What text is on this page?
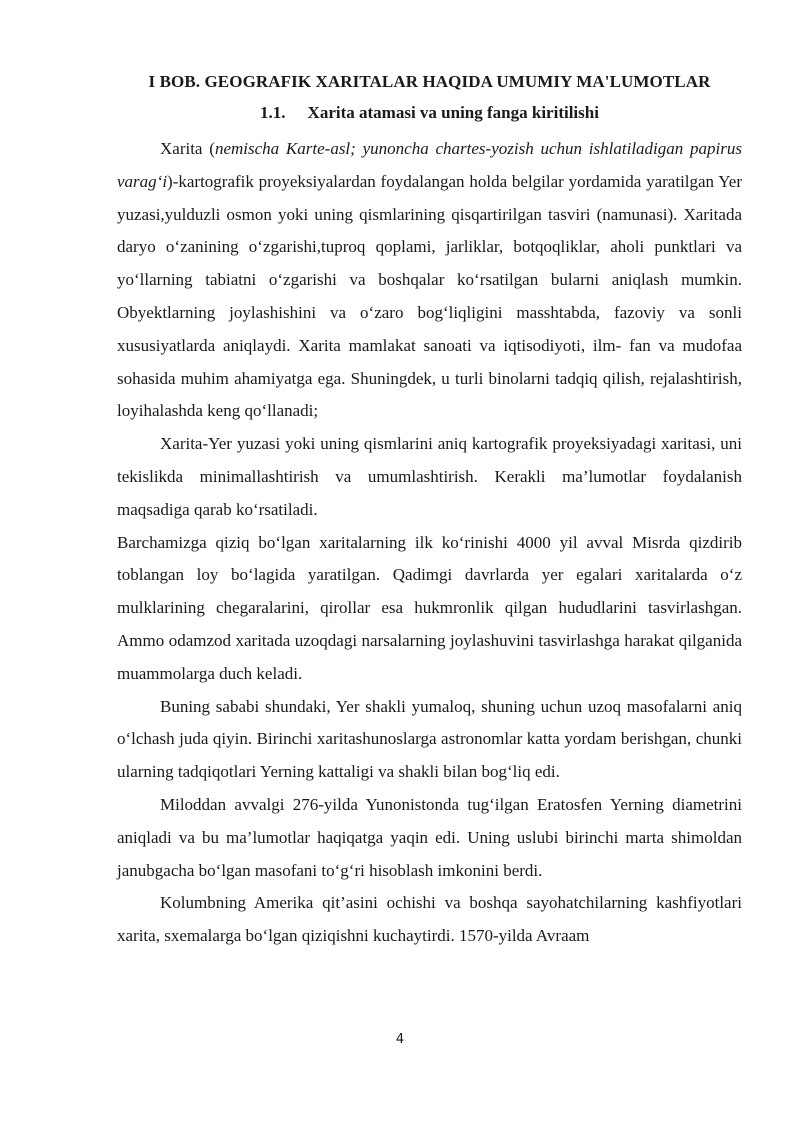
I BOB. GEOGRAFIK XARITALAR HAQIDA UMUMIY MA'LUMOTLAR
1.1. Xarita atamasi va uning fanga kiritilishi

Xarita (nemischa Karte-asl; yunoncha chartes-yozish uchun ishlatiladigan papirus varag‘i)-kartografik proyeksiyalardan foydalangan holda belgilar yordamida yaratilgan Yer yuzasi,yulduzli osmon yoki uning qismlarining qisqartirilgan tasviri (namunasi). Xaritada daryo o‘zanining o‘zgarishi,tuproq qoplami, jarliklar, botqoqliklar, aholi punktlari va yo‘llarning tabiatni o‘zgarishi va boshqalar ko‘rsatilgan bularni aniqlash mumkin. Obyektlarning joylashishini va o‘zaro bog‘liqligini masshtabda, fazoviy va sonli xususiyatlarda aniqlaydi. Xarita mamlakat sanoati va iqtisodiyoti, ilm- fan va mudofaa sohasida muhim ahamiyatga ega. Shuningdek, u turli binolarni tadqiq qilish, rejalashtirish, loyihalashda keng qo‘llanadi;

Xarita-Yer yuzasi yoki uning qismlarini aniq kartografik proyeksiyadagi xaritasi, uni tekislikda minimallashtirish va umumlashtirish. Kerakli ma’lumotlar foydalanish maqsadiga qarab ko‘rsatiladi.

Barchamizga qiziq bo‘lgan xaritalarning ilk ko‘rinishi 4000 yil avval Misrda qizdirib toblangan loy bo‘lagida yaratilgan. Qadimgi davrlarda yer egalari xaritalarda o‘z mulklarining chegaralarini, qirollar esa hukmronlik qilgan hududlarini tasvirlashgan. Ammo odamzod xaritada uzoqdagi narsalarning joylashuvini tasvirlashga harakat qilganida muammolarga duch keladi.

Buning sababi shundaki, Yer shakli yumaloq, shuning uchun uzoq masofalarni aniq o‘lchash juda qiyin. Birinchi xaritashunoslarga astronomlar katta yordam berishgan, chunki ularning tadqiqotlari Yerning kattaligi va shakli bilan bog‘liq edi.

Miloddan avvalgi 276-yilda Yunonistonda tug‘ilgan Eratosfen Yerning diametrini aniqladi va bu ma’lumotlar haqiqatga yaqin edi. Uning uslubi birinchi marta shimoldan janubgacha bo‘lgan masofani to‘g‘ri hisoblash imkonini berdi.

Kolumbning Amerika qit’asini ochishi va boshqa sayohatchilarning kashfiyotlari xarita, sxemalarga bo‘lgan qiziqishni kuchaytirdi. 1570-yilda Avraam

4
